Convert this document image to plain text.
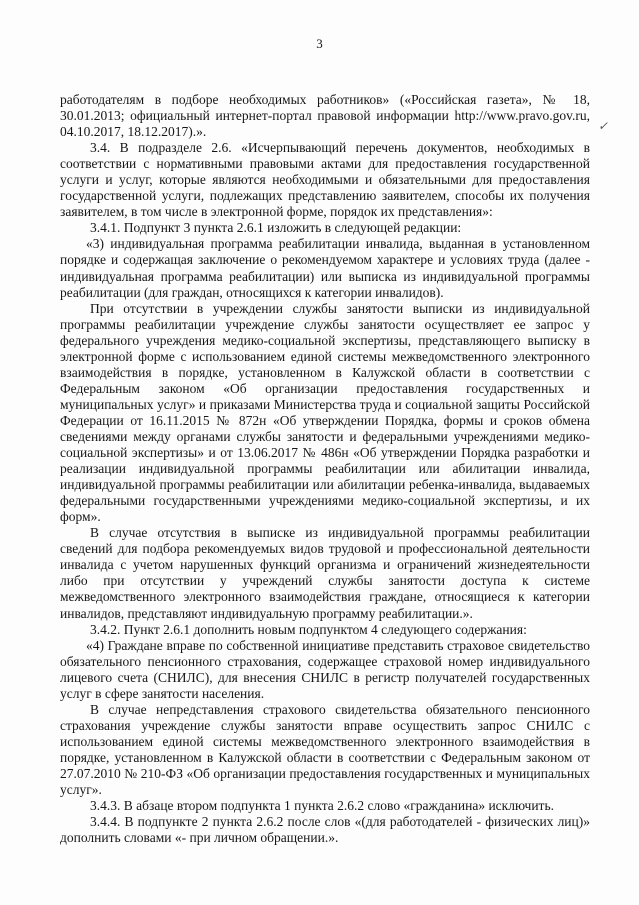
3
✓

работодателям в подборе необходимых работников» («Российская газета», № 18, 30.01.2013; официальный интернет-портал правовой информации http://www.pravo.gov.ru, 04.10.2017, 18.12.2017).».

3.4. В подразделе 2.6. «Исчерпывающий перечень документов, необходимых в соответствии с нормативными правовыми актами для предоставления государственной услуги и услуг, которые являются необходимыми и обязательными для предоставления государственной услуги, подлежащих представлению заявителем, способы их получения заявителем, в том числе в электронной форме, порядок их представления»:

3.4.1. Подпункт 3 пункта 2.6.1 изложить в следующей редакции:

«3) индивидуальная программа реабилитации инвалида, выданная в установленном порядке и содержащая заключение о рекомендуемом характере и условиях труда (далее - индивидуальная программа реабилитации) или выписка из индивидуальной программы реабилитации (для граждан, относящихся к категории инвалидов).

При отсутствии в учреждении службы занятости выписки из индивидуальной программы реабилитации учреждение службы занятости осуществляет ее запрос у федерального учреждения медико-социальной экспертизы, представляющего выписку в электронной форме с использованием единой системы межведомственного электронного взаимодействия в порядке, установленном в Калужской области в соответствии с Федеральным законом «Об организации предоставления государственных и муниципальных услуг» и приказами Министерства труда и социальной защиты Российской Федерации от 16.11.2015 № 872н «Об утверждении Порядка, формы и сроков обмена сведениями между органами службы занятости и федеральными учреждениями медико-социальной экспертизы» и от 13.06.2017 № 486н «Об утверждении Порядка разработки и реализации индивидуальной программы реабилитации или абилитации инвалида, индивидуальной программы реабилитации или абилитации ребенка-инвалида, выдаваемых федеральными государственными учреждениями медико-социальной экспертизы, и их форм».

В случае отсутствия в выписке из индивидуальной программы реабилитации сведений для подбора рекомендуемых видов трудовой и профессиональной деятельности инвалида с учетом нарушенных функций организма и ограничений жизнедеятельности либо при отсутствии у учреждений службы занятости доступа к системе межведомственного электронного взаимодействия граждане, относящиеся к категории инвалидов, представляют индивидуальную программу реабилитации.».

3.4.2. Пункт 2.6.1 дополнить новым подпунктом 4 следующего содержания:

«4) Граждане вправе по собственной инициативе представить страховое свидетельство обязательного пенсионного страхования, содержащее страховой номер индивидуального лицевого счета (СНИЛС), для внесения СНИЛС в регистр получателей государственных услуг в сфере занятости населения.

В случае непредставления страхового свидетельства обязательного пенсионного страхования учреждение службы занятости вправе осуществить запрос СНИЛС с использованием единой системы межведомственного электронного взаимодействия в порядке, установленном в Калужской области в соответствии с Федеральным законом от 27.07.2010 № 210-ФЗ «Об организации предоставления государственных и муниципальных услуг».

3.4.3. В абзаце втором подпункта 1 пункта 2.6.2 слово «гражданина» исключить.

3.4.4. В подпункте 2 пункта 2.6.2 после слов «(для работодателей - физических лиц)» дополнить словами «- при личном обращении.».
